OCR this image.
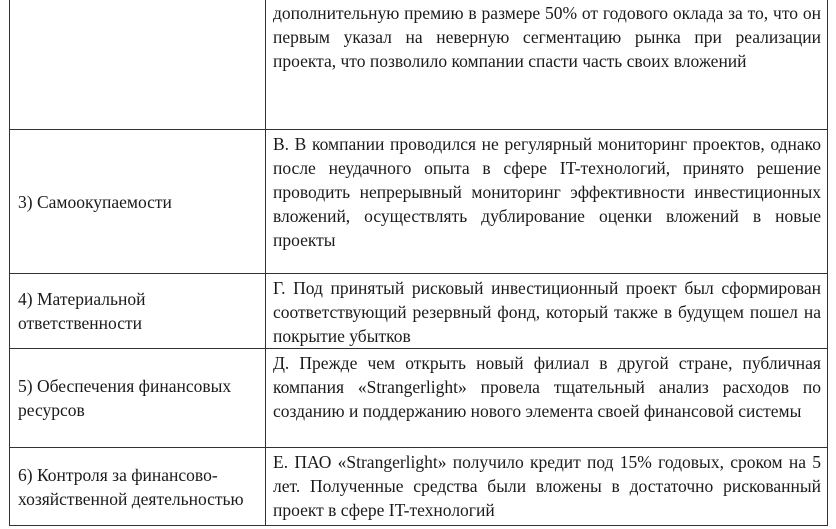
	дополнительную премию в размере 50% от годового оклада за то, что он первым указал на неверную сегментацию рынка при реализации проекта, что позволило компании спасти часть своих вложений
3) Самоокупаемости	В. В компании проводился не регулярный мониторинг проектов, однако после неудачного опыта в сфере IT-технологий, принято решение проводить непрерывный мониторинг эффективности инвестиционных вложений, осуществлять дублирование оценки вложений в новые проекты
4) Материальной ответственности	Г. Под принятый рисковый инвестиционный проект был сформирован соответствующий резервный фонд, который также в будущем пошел на покрытие убытков
5) Обеспечения финансовых ресурсов	Д. Прежде чем открыть новый филиал в другой стране, публичная компания «Strangerlight» провела тщательный анализ расходов по созданию и поддержанию нового элемента своей финансовой системы
6) Контроля за финансово-хозяйственной деятельностью	Е. ПАО «Strangerlight» получило кредит под 15% годовых, сроком на 5 лет. Полученные средства были вложены в достаточно рискованный проект в сфере IT-технологий
